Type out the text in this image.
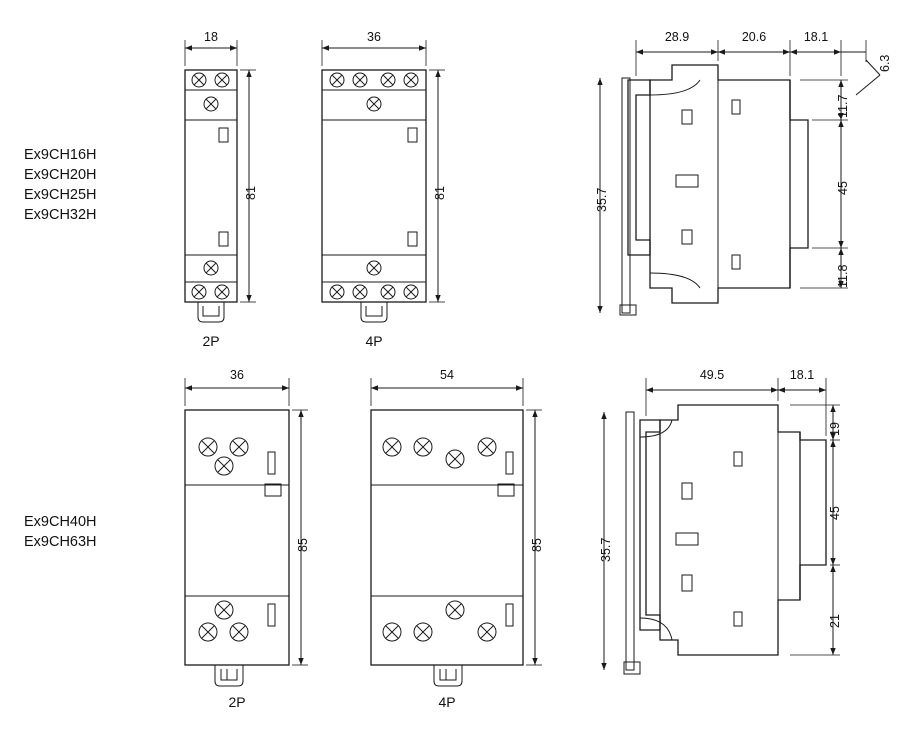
Ex9CH16H
Ex9CH20H
Ex9CH25H
Ex9CH32H
Ex9CH40H
Ex9CH63H
18
81
2P
36
81
4P
28.9	20.6	18.1
6.3
11.7
45
11.8
35.7
36
85
2P
54
85
4P
49.5	18.1
19
45
21
35.7
